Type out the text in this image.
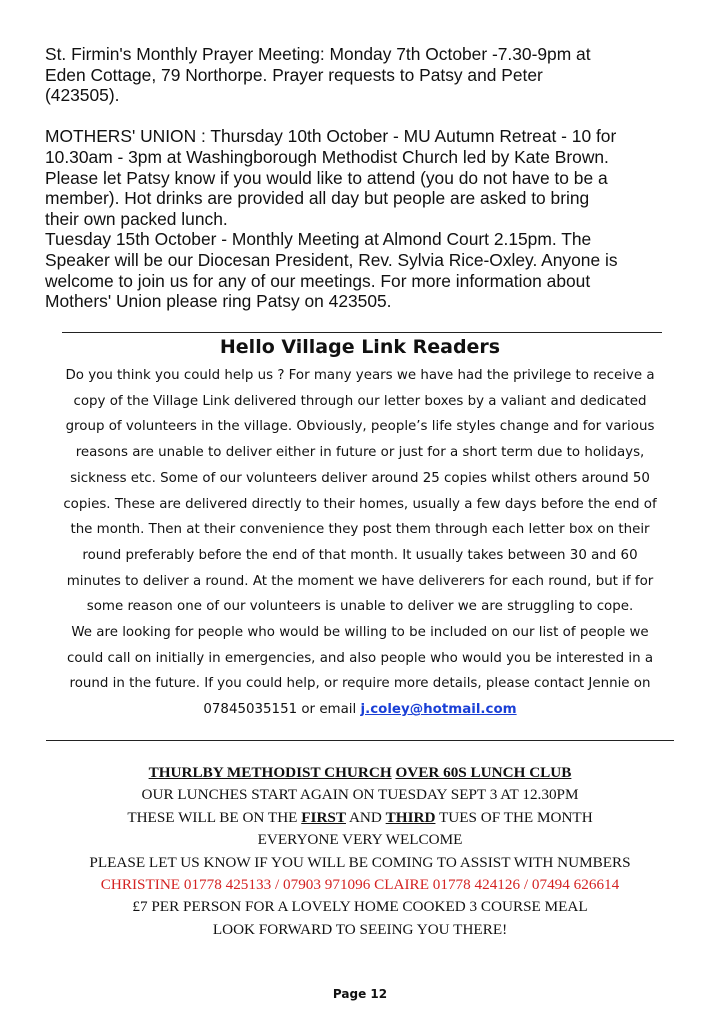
St. Firmin's Monthly Prayer Meeting: Monday 7th October -7.30-9pm at
Eden Cottage, 79 Northorpe. Prayer requests to Patsy and Peter
(423505).

MOTHERS' UNION : Thursday 10th October - MU Autumn Retreat - 10 for
10.30am - 3pm at Washingborough Methodist Church led by Kate Brown.
Please let Patsy know if you would like to attend (you do not have to be a
member). Hot drinks are provided all day but people are asked to bring
their own packed lunch.
Tuesday 15th October - Monthly Meeting at Almond Court 2.15pm. The
Speaker will be our Diocesan President, Rev. Sylvia Rice-Oxley. Anyone is
welcome to join us for any of our meetings. For more information about
Mothers' Union please ring Patsy on 423505.

Hello Village Link Readers

Do you think you could help us ? For many years we have had the privilege to receive a
copy of the Village Link delivered through our letter boxes by a valiant and dedicated
group of volunteers in the village. Obviously, people’s life styles change and for various
reasons are unable to deliver either in future or just for a short term due to holidays,
sickness etc. Some of our volunteers deliver around 25 copies whilst others around 50
copies. These are delivered directly to their homes, usually a few days before the end of
the month. Then at their convenience they post them through each letter box on their
round preferably before the end of that month. It usually takes between 30 and 60
minutes to deliver a round. At the moment we have deliverers for each round, but if for
some reason one of our volunteers is unable to deliver we are struggling to cope.
We are looking for people who would be willing to be included on our list of people we
could call on initially in emergencies, and also people who would you be interested in a
round in the future. If you could help, or require more details, please contact Jennie on
07845035151 or email j.coley@hotmail.com

THURLBY METHODIST CHURCH OVER 60S LUNCH CLUB
OUR LUNCHES START AGAIN ON TUESDAY SEPT 3 AT 12.30PM
THESE WILL BE ON THE FIRST AND THIRD TUES OF THE MONTH
EVERYONE VERY WELCOME
PLEASE LET US KNOW IF YOU WILL BE COMING TO ASSIST WITH NUMBERS
CHRISTINE 01778 425133 / 07903 971096 CLAIRE 01778 424126 / 07494 626614
£7 PER PERSON FOR A LOVELY HOME COOKED 3 COURSE MEAL
LOOK FORWARD TO SEEING YOU THERE!
Page 12
